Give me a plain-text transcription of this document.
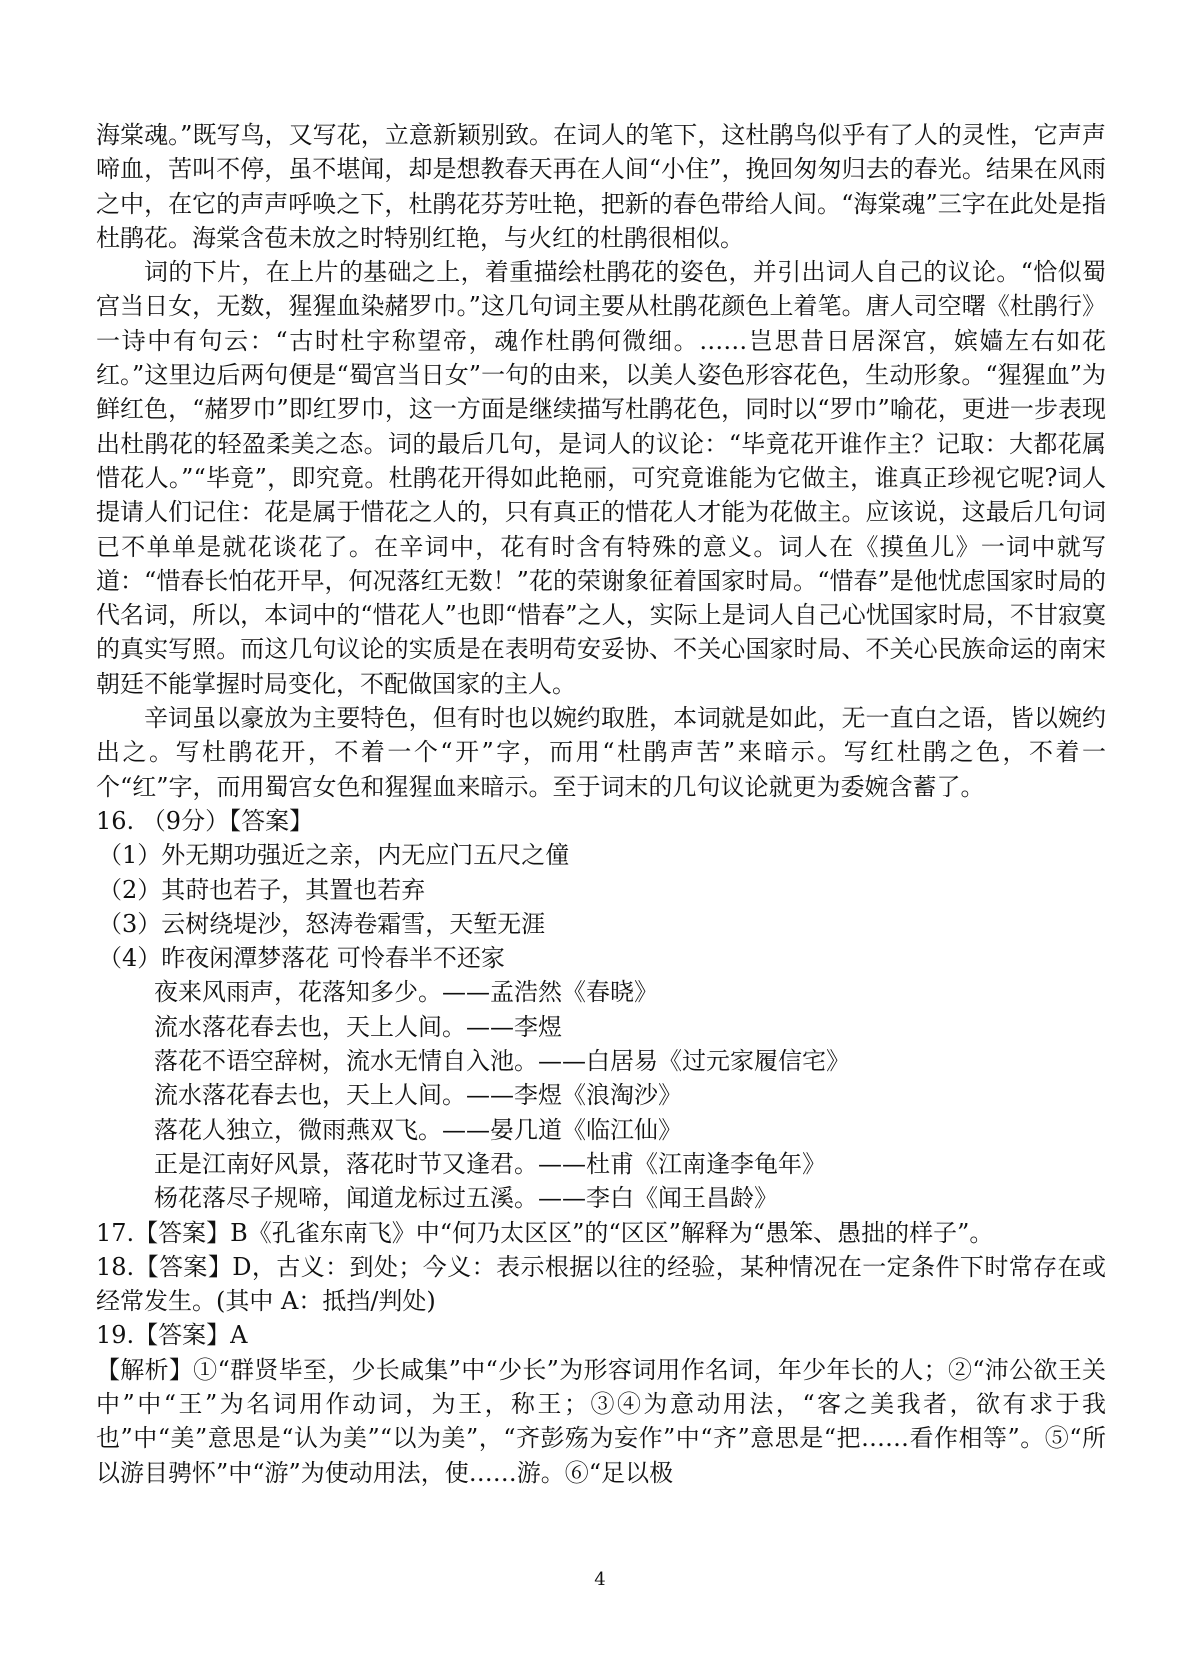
海棠魂。”既写鸟，又写花，立意新颖别致。在词人的笔下，这杜鹃鸟似乎有了人的灵性，它声声啼血，苦叫不停，虽不堪闻，却是想教春天再在人间“小住”，挽回匆匆归去的春光。结果在风雨之中，在它的声声呼唤之下，杜鹃花芬芳吐艳，把新的春色带给人间。“海棠魂”三字在此处是指杜鹃花。海棠含苞未放之时特别红艳，与火红的杜鹃很相似。

词的下片，在上片的基础之上，着重描绘杜鹃花的姿色，并引出词人自己的议论。“恰似蜀宫当日女，无数，猩猩血染赭罗巾。”这几句词主要从杜鹃花颜色上着笔。唐人司空曙《杜鹃行》一诗中有句云：“古时杜宇称望帝，魂作杜鹃何微细。……岂思昔日居深宫，嫔嫱左右如花红。”这里边后两句便是“蜀宫当日女”一句的由来，以美人姿色形容花色，生动形象。“猩猩血”为鲜红色，“赭罗巾”即红罗巾，这一方面是继续描写杜鹃花色，同时以“罗巾”喻花，更进一步表现出杜鹃花的轻盈柔美之态。词的最后几句，是词人的议论：“毕竟花开谁作主？记取：大都花属惜花人。”“毕竟”，即究竟。杜鹃花开得如此艳丽，可究竟谁能为它做主，谁真正珍视它呢?词人提请人们记住：花是属于惜花之人的，只有真正的惜花人才能为花做主。应该说，这最后几句词已不单单是就花谈花了。在辛词中，花有时含有特殊的意义。词人在《摸鱼儿》一词中就写道：“惜春长怕花开早，何况落红无数！”花的荣谢象征着国家时局。“惜春”是他忧虑国家时局的代名词，所以，本词中的“惜花人”也即“惜春”之人，实际上是词人自己心忧国家时局，不甘寂寞的真实写照。而这几句议论的实质是在表明苟安妥协、不关心国家时局、不关心民族命运的南宋朝廷不能掌握时局变化，不配做国家的主人。

辛词虽以豪放为主要特色，但有时也以婉约取胜，本词就是如此，无一直白之语，皆以婉约出之。写杜鹃花开，不着一个“开”字，而用“杜鹃声苦”来暗示。写红杜鹃之色，不着一个“红”字，而用蜀宫女色和猩猩血来暗示。至于词末的几句议论就更为委婉含蓄了。

16. （9分）【答案】

（1）外无期功强近之亲，内无应门五尺之僮

（2）其莳也若子，其置也若弃

（3）云树绕堤沙，怒涛卷霜雪，天堑无涯

（4）昨夜闲潭梦落花 可怜春半不还家

夜来风雨声，花落知多少。——孟浩然《春晓》

流水落花春去也，天上人间。——李煜

落花不语空辞树，流水无情自入池。——白居易《过元家履信宅》

流水落花春去也，天上人间。——李煜《浪淘沙》

落花人独立，微雨燕双飞。——晏几道《临江仙》

正是江南好风景，落花时节又逢君。——杜甫《江南逢李龟年》

杨花落尽子规啼，闻道龙标过五溪。——李白《闻王昌龄》

17.【答案】B《孔雀东南飞》中“何乃太区区”的“区区”解释为“愚笨、愚拙的样子”。

18.【答案】D，古义：到处；今义：表示根据以往的经验，某种情况在一定条件下时常存在或经常发生。(其中 A：抵挡/判处)

19.【答案】A

【解析】①“群贤毕至，少长咸集”中“少长”为形容词用作名词，年少年长的人；②“沛公欲王关中”中“王”为名词用作动词，为王，称王；③④为意动用法，“客之美我者，欲有求于我也”中“美”意思是“认为美”“以为美”，“齐彭殇为妄作”中“齐”意思是“把……看作相等”。⑤“所以游目骋怀”中“游”为使动用法，使……游。⑥“足以极

4
